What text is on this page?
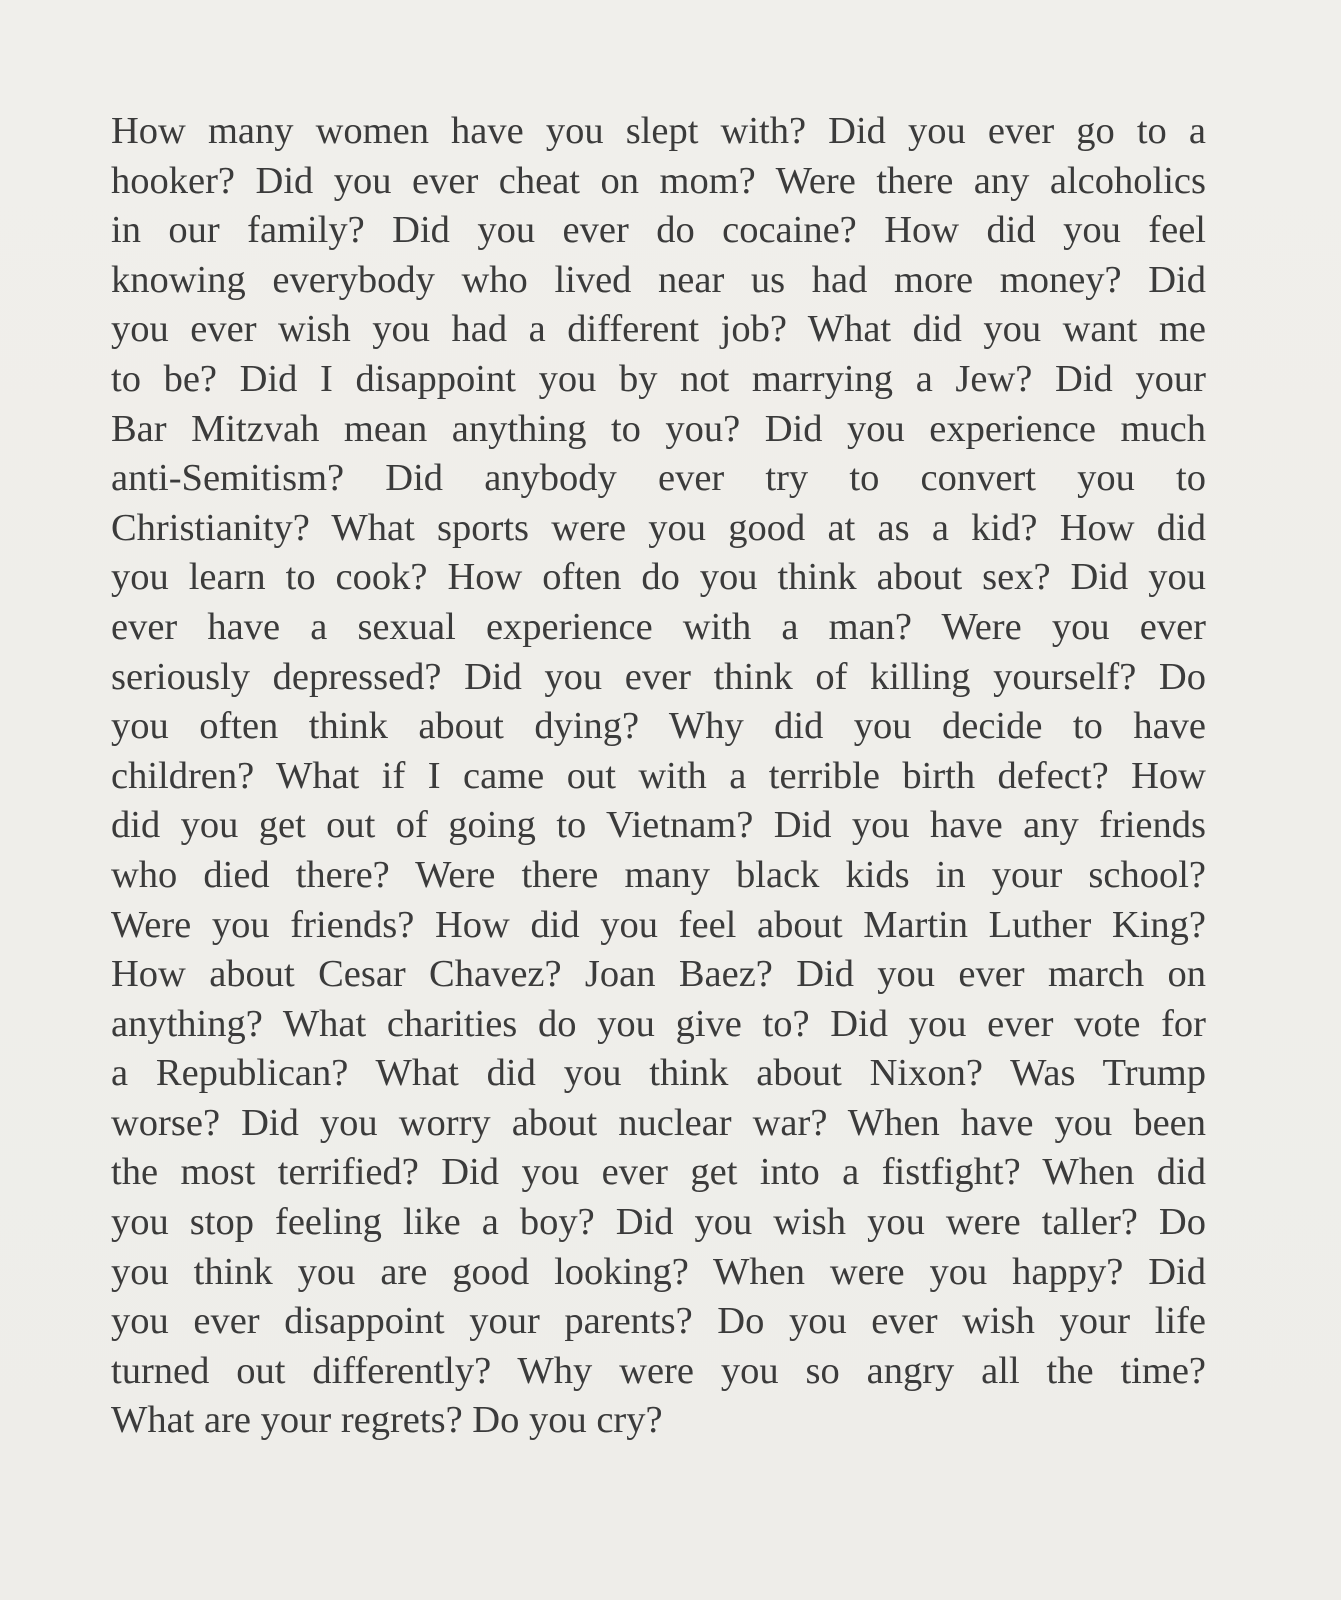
How many women have you slept with? Did you ever go to a
hooker? Did you ever cheat on mom? Were there any alcoholics
in our family? Did you ever do cocaine? How did you feel
knowing everybody who lived near us had more money? Did
you ever wish you had a different job? What did you want me
to be? Did I disappoint you by not marrying a Jew? Did your
Bar Mitzvah mean anything to you? Did you experience much
anti-Semitism? Did anybody ever try to convert you to
Christianity? What sports were you good at as a kid? How did
you learn to cook? How often do you think about sex? Did you
ever have a sexual experience with a man? Were you ever
seriously depressed? Did you ever think of killing yourself? Do
you often think about dying? Why did you decide to have
children? What if I came out with a terrible birth defect? How
did you get out of going to Vietnam? Did you have any friends
who died there? Were there many black kids in your school?
Were you friends? How did you feel about Martin Luther King?
How about Cesar Chavez? Joan Baez? Did you ever march on
anything? What charities do you give to? Did you ever vote for
a Republican? What did you think about Nixon? Was Trump
worse? Did you worry about nuclear war? When have you been
the most terrified? Did you ever get into a fistfight? When did
you stop feeling like a boy? Did you wish you were taller? Do
you think you are good looking? When were you happy? Did
you ever disappoint your parents? Do you ever wish your life
turned out differently? Why were you so angry all the time?
What are your regrets? Do you cry?
